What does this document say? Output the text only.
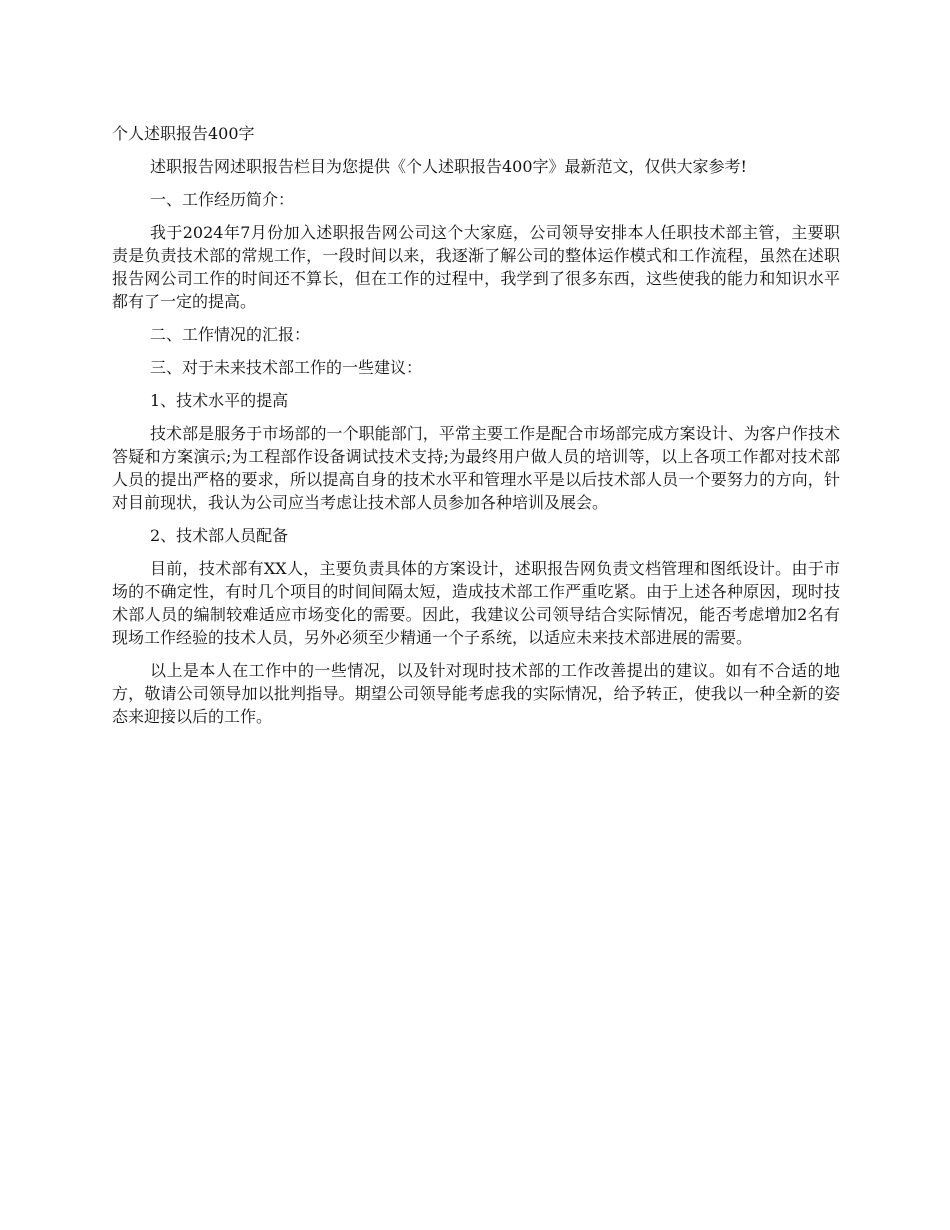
个人述职报告400字

述职报告网述职报告栏目为您提供《个人述职报告400字》最新范文，仅供大家参考!

一、工作经历简介：

我于2024年7月份加入述职报告网公司这个大家庭，公司领导安排本人任职技术部主管，主要职责是负责技术部的常规工作，一段时间以来，我逐渐了解公司的整体运作模式和工作流程，虽然在述职报告网公司工作的时间还不算长，但在工作的过程中，我学到了很多东西，这些使我的能力和知识水平都有了一定的提高。

二、工作情况的汇报：

三、对于未来技术部工作的一些建议：

1、技术水平的提高

技术部是服务于市场部的一个职能部门，平常主要工作是配合市场部完成方案设计、为客户作技术答疑和方案演示;为工程部作设备调试技术支持;为最终用户做人员的培训等，以上各项工作都对技术部人员的提出严格的要求，所以提高自身的技术水平和管理水平是以后技术部人员一个要努力的方向，针对目前现状，我认为公司应当考虑让技术部人员参加各种培训及展会。

2、技术部人员配备

目前，技术部有XX人，主要负责具体的方案设计，述职报告网负责文档管理和图纸设计。由于市场的不确定性，有时几个项目的时间间隔太短，造成技术部工作严重吃紧。由于上述各种原因，现时技术部人员的编制较难适应市场变化的需要。因此，我建议公司领导结合实际情况，能否考虑增加2名有现场工作经验的技术人员，另外必须至少精通一个子系统，以适应未来技术部进展的需要。

以上是本人在工作中的一些情况，以及针对现时技术部的工作改善提出的建议。如有不合适的地方，敬请公司领导加以批判指导。期望公司领导能考虑我的实际情况，给予转正，使我以一种全新的姿态来迎接以后的工作。
